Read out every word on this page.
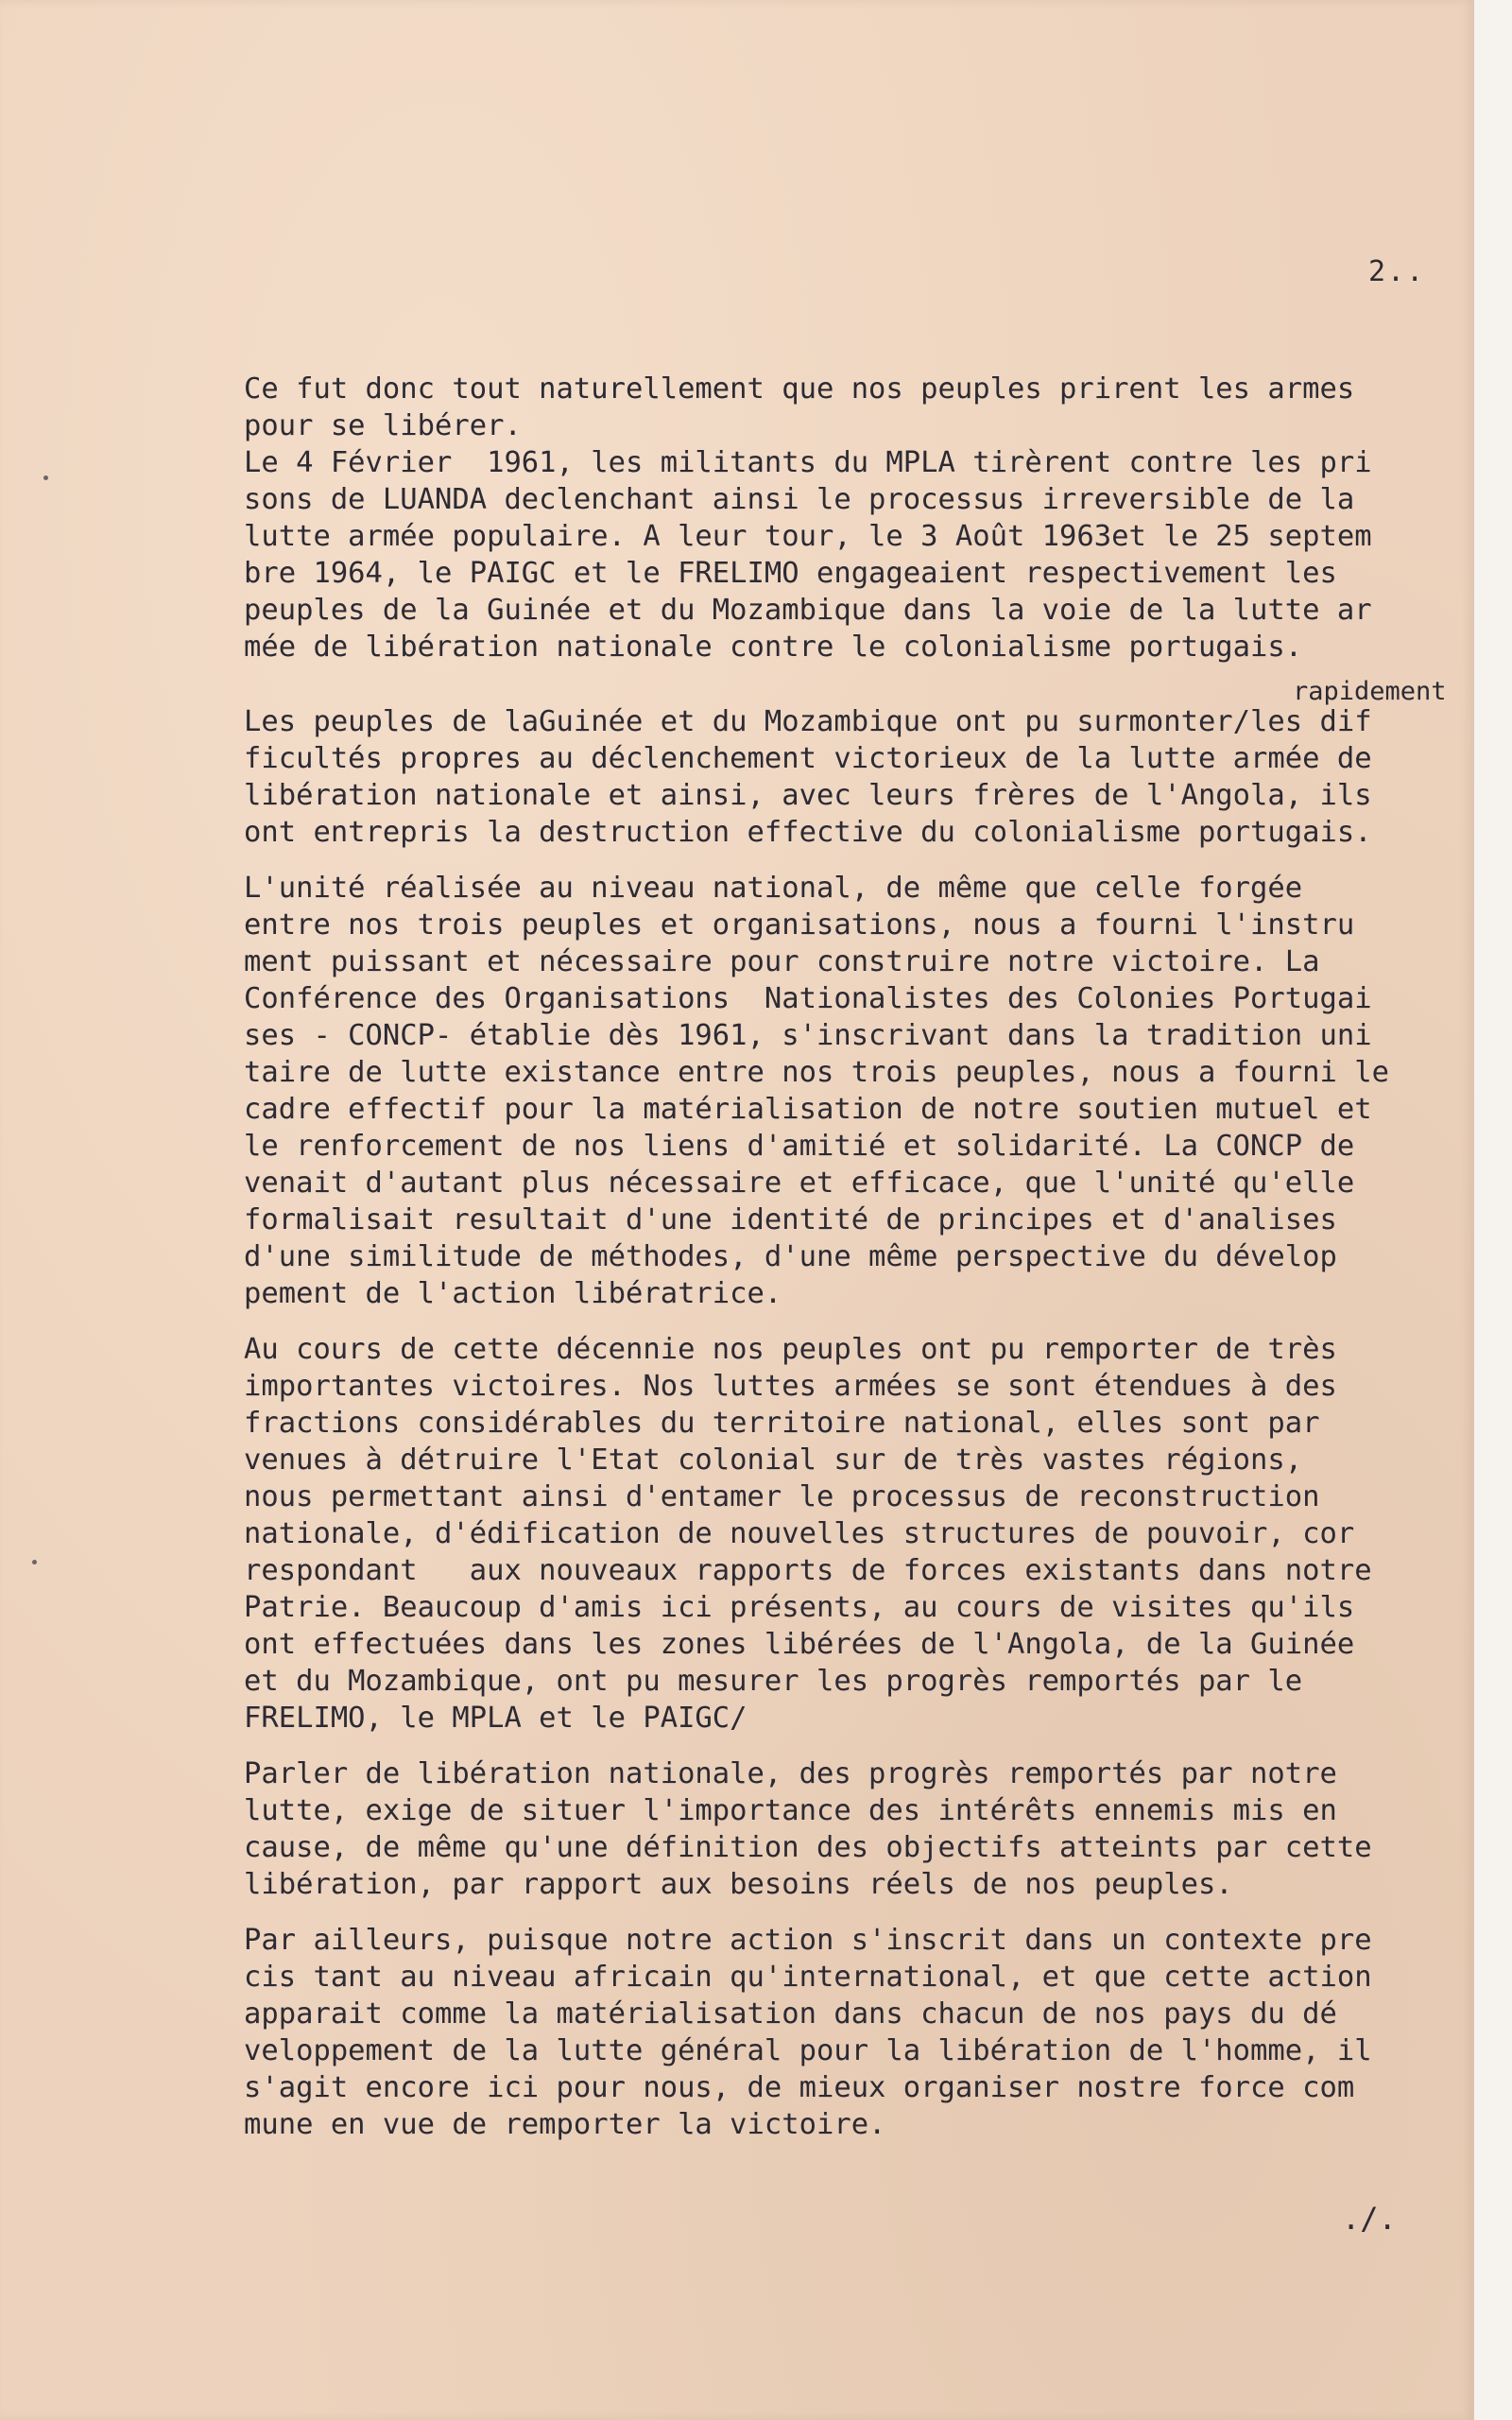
2..
Ce fut donc tout naturellement que nos peuples prirent les armes
pour se libérer.
Le 4 Février  1961, les militants du MPLA tirèrent contre les pri
sons de LUANDA declenchant ainsi le processus irreversible de la
lutte armée populaire. A leur tour, le 3 Août 1963et le 25 septem
bre 1964, le PAIGC et le FRELIMO engageaient respectivement les
peuples de la Guinée et du Mozambique dans la voie de la lutte ar
mée de libération nationale contre le colonialisme portugais.
rapidement
Les peuples de laGuinée et du Mozambique ont pu surmonter/les dif
ficultés propres au déclenchement victorieux de la lutte armée de
libération nationale et ainsi, avec leurs frères de l'Angola, ils
ont entrepris la destruction effective du colonialisme portugais.
L'unité réalisée au niveau national, de même que celle forgée
entre nos trois peuples et organisations, nous a fourni l'instru
ment puissant et nécessaire pour construire notre victoire. La
Conférence des Organisations  Nationalistes des Colonies Portugai
ses - CONCP- établie dès 1961, s'inscrivant dans la tradition uni
taire de lutte existance entre nos trois peuples, nous a fourni le
cadre effectif pour la matérialisation de notre soutien mutuel et
le renforcement de nos liens d'amitié et solidarité. La CONCP de
venait d'autant plus nécessaire et efficace, que l'unité qu'elle
formalisait resultait d'une identité de principes et d'analises
d'une similitude de méthodes, d'une même perspective du dévelop
pement de l'action libératrice.
Au cours de cette décennie nos peuples ont pu remporter de très
importantes victoires. Nos luttes armées se sont étendues à des
fractions considérables du territoire national, elles sont par
venues à détruire l'Etat colonial sur de très vastes régions,
nous permettant ainsi d'entamer le processus de reconstruction
nationale, d'édification de nouvelles structures de pouvoir, cor
respondant   aux nouveaux rapports de forces existants dans notre
Patrie. Beaucoup d'amis ici présents, au cours de visites qu'ils
ont effectuées dans les zones libérées de l'Angola, de la Guinée
et du Mozambique, ont pu mesurer les progrès remportés par le
FRELIMO, le MPLA et le PAIGC/
Parler de libération nationale, des progrès remportés par notre
lutte, exige de situer l'importance des intérêts ennemis mis en
cause, de même qu'une définition des objectifs atteints par cette
libération, par rapport aux besoins réels de nos peuples.
Par ailleurs, puisque notre action s'inscrit dans un contexte pre
cis tant au niveau africain qu'international, et que cette action
apparait comme la matérialisation dans chacun de nos pays du dé
veloppement de la lutte général pour la libération de l'homme, il
s'agit encore ici pour nous, de mieux organiser nostre force com
mune en vue de remporter la victoire.
./.
